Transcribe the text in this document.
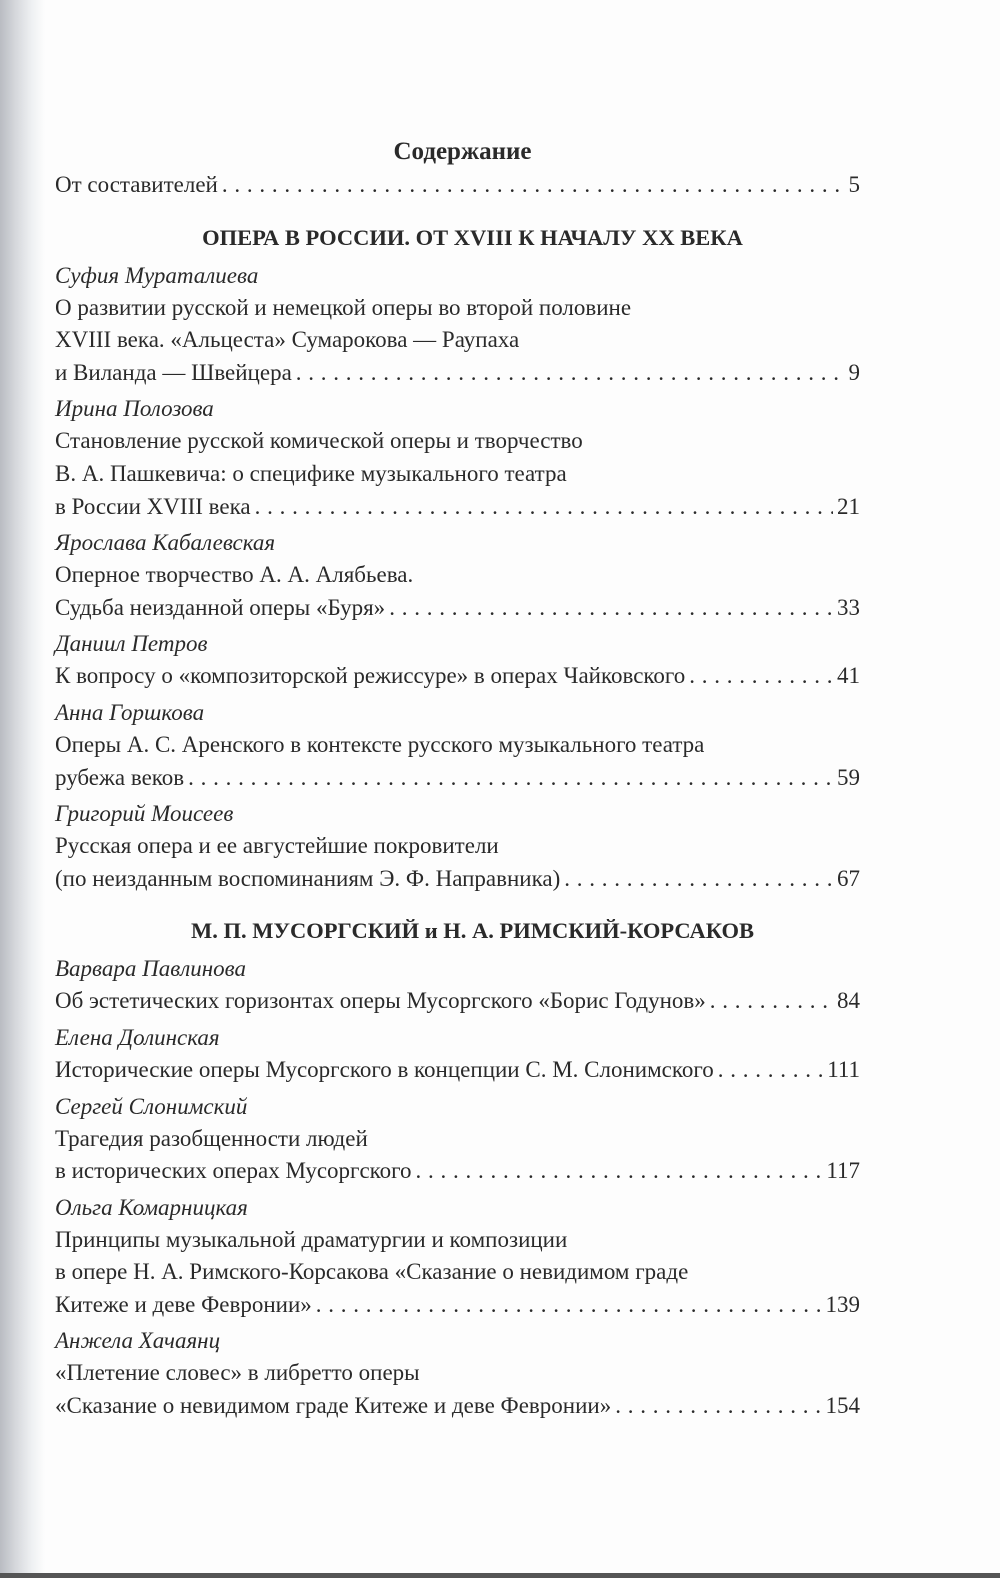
Содержание
От составителей . . .	5
ОПЕРА В РОССИИ. ОТ XVIII К НАЧАЛУ XX ВЕКА
Суфия Мураталиева
О развитии русской и немецкой оперы во второй половине
XVIII века. «Альцеста» Сумарокова — Раупаха
и Виланда — Швейцера . . .	9
Ирина Полозова
Становление русской комической оперы и творчество
В. А. Пашкевича: о специфике музыкального театра
в России XVIII века . . .	21
Ярослава Кабалевская
Оперное творчество А. А. Алябьева.
Судьба неизданной оперы «Буря» . . .	33
Даниил Петров
К вопросу о «композиторской режиссуре» в операх Чайковского . . .	41
Анна Горшкова
Оперы А. С. Аренского в контексте русского музыкального театра
рубежа веков . . .	59
Григорий Моисеев
Русская опера и ее августейшие покровители
(по неизданным воспоминаниям Э. Ф. Направника) . . .	67
М. П. МУСОРГСКИЙ и Н. А. РИМСКИЙ-КОРСАКОВ
Варвара Павлинова
Об эстетических горизонтах оперы Мусоргского «Борис Годунов» . . .	84
Елена Долинская
Исторические оперы Мусоргского в концепции С. М. Слонимского . . .	111
Сергей Слонимский
Трагедия разобщенности людей
в исторических операх Мусоргского . . .	117
Ольга Комарницкая
Принципы музыкальной драматургии и композиции
в опере Н. А. Римского-Корсакова «Сказание о невидимом граде
Китеже и деве Февронии» . . .	139
Анжела Хачаянц
«Плетение словес» в либретто оперы
«Сказание о невидимом граде Китеже и деве Февронии» . . .	154
